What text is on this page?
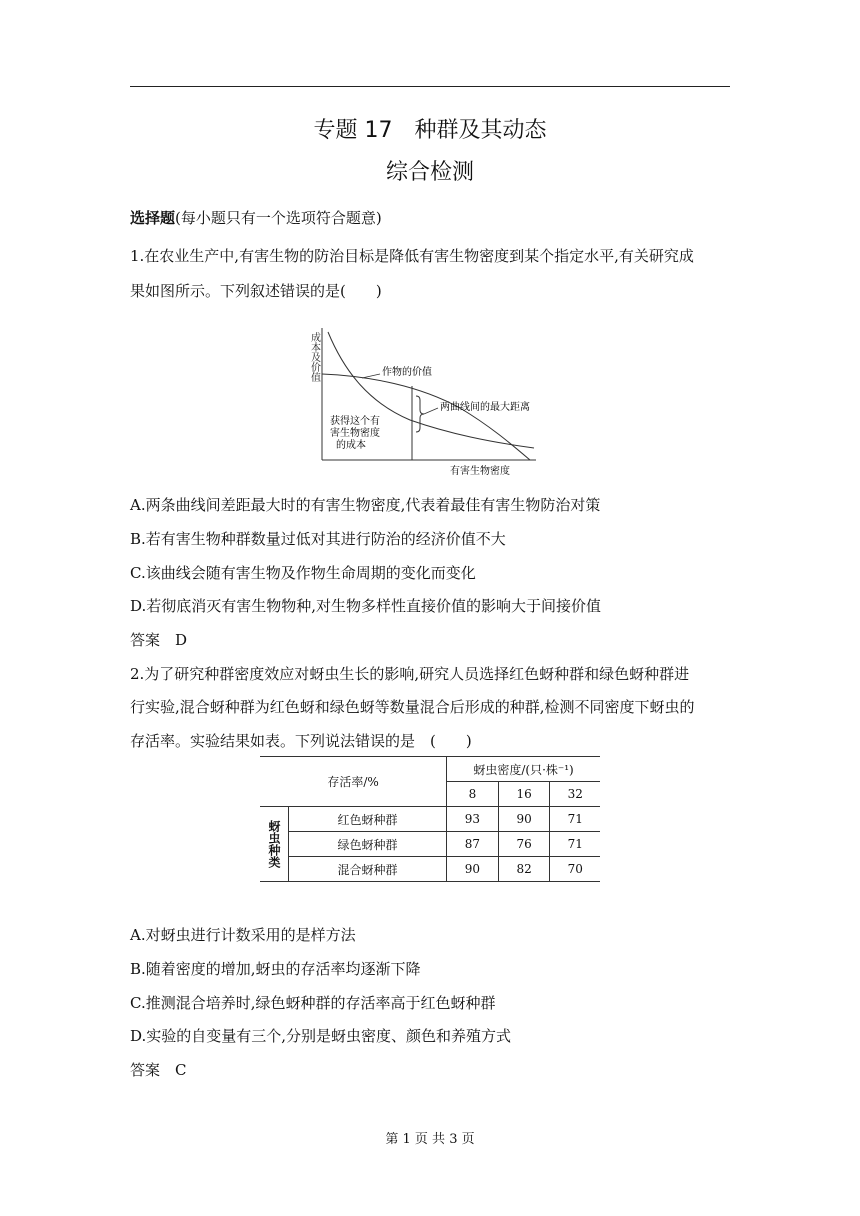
专题 17　种群及其动态
综合检测
选择题(每小题只有一个选项符合题意)
1.在农业生产中,有害生物的防治目标是降低有害生物密度到某个指定水平,有关研究成
果如图所示。下列叙述错误的是(　　)
成本及价值	作物的价值
两曲线间的最大距离
获得这个有
害生物密度
的成本
有害生物密度
A.两条曲线间差距最大时的有害生物密度,代表着最佳有害生物防治对策
B.若有害生物种群数量过低对其进行防治的经济价值不大
C.该曲线会随有害生物及作物生命周期的变化而变化
D.若彻底消灭有害生物物种,对生物多样性直接价值的影响大于间接价值
答案　D
2.为了研究种群密度效应对蚜虫生长的影响,研究人员选择红色蚜种群和绿色蚜种群进
行实验,混合蚜种群为红色蚜和绿色蚜等数量混合后形成的种群,检测不同密度下蚜虫的
存活率。实验结果如表。下列说法错误的是　(　　)
存活率/%		蚜虫密度/(只·株⁻¹)		
		8	16	32
蚜虫种类	红色蚜种群	93	90	71
	绿色蚜种群	87	76	71
	混合蚜种群	90	82	70
A.对蚜虫进行计数采用的是样方法
B.随着密度的增加,蚜虫的存活率均逐渐下降
C.推测混合培养时,绿色蚜种群的存活率高于红色蚜种群
D.实验的自变量有三个,分别是蚜虫密度、颜色和养殖方式
答案　C
第 1 页 共 3 页
